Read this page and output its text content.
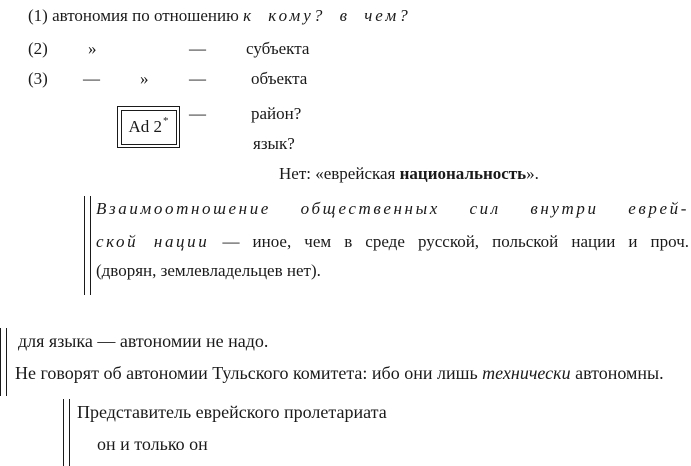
(1) автономия по отношению к кому? в чем?
(2) »	— субъекта
(3) — » —	объекта
Ad 2 * —	район?
язык?
Нет: «еврейская национальность».
Взаимоотношение общественных сил внутри еврей-
ской нации — иное, чем в среде русской, польской нации и проч.
(дворян, землевладельцев нет).
для языка — автономии не надо.
Не говорят об автономии Тульского комитета: ибо они лишь технически автономны.
Представитель еврейского пролетариата
он и только он
